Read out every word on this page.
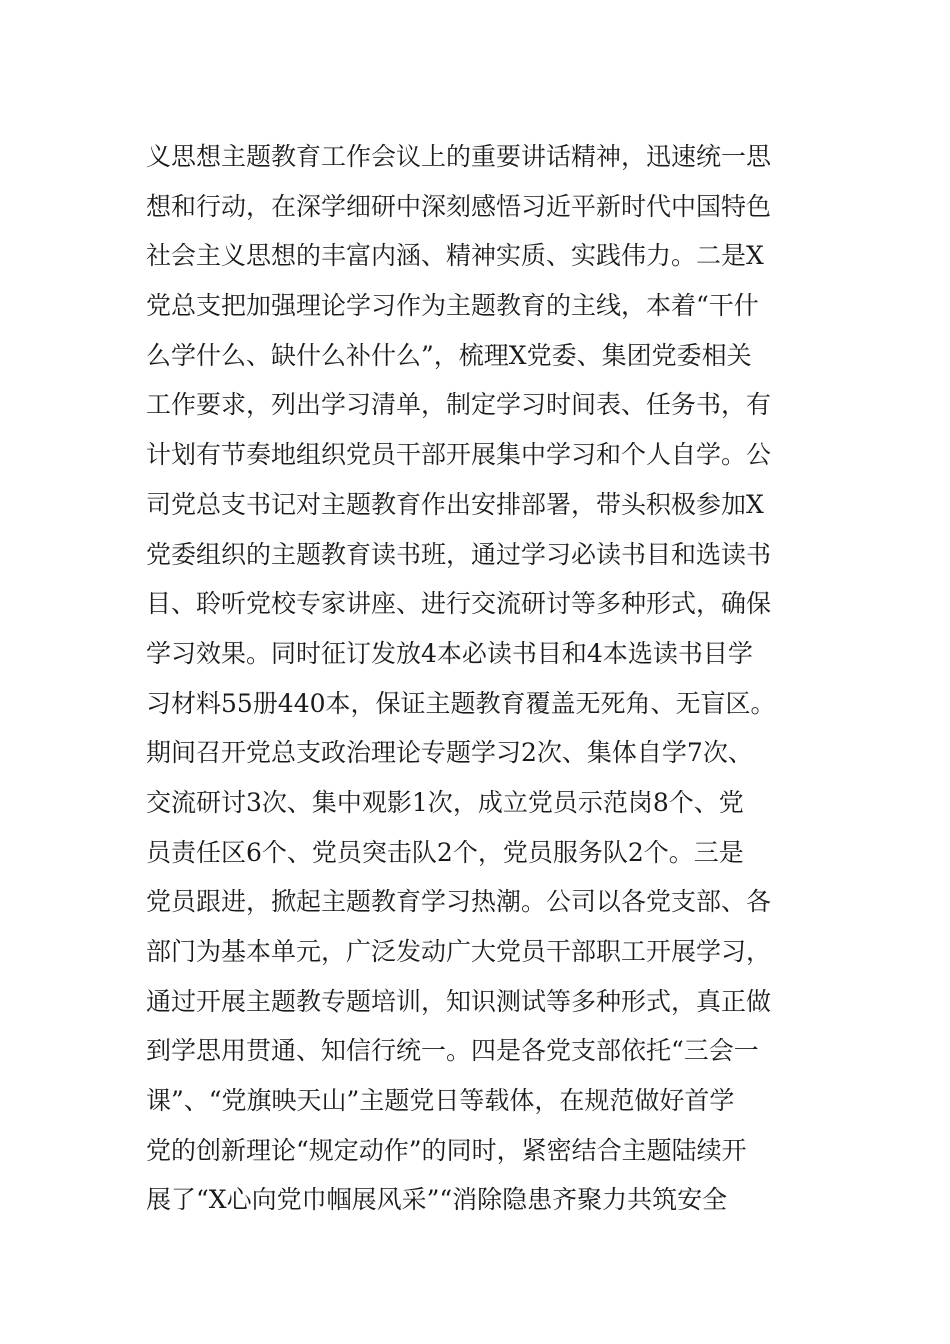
义思想主题教育工作会议上的重要讲话精神，迅速统一思
想和行动，在深学细研中深刻感悟习近平新时代中国特色
社会主义思想的丰富内涵、精神实质、实践伟力。二是X
党总支把加强理论学习作为主题教育的主线，本着“干什
么学什么、缺什么补什么”，梳理X党委、集团党委相关
工作要求，列出学习清单，制定学习时间表、任务书，有
计划有节奏地组织党员干部开展集中学习和个人自学。公
司党总支书记对主题教育作出安排部署，带头积极参加X
党委组织的主题教育读书班，通过学习必读书目和选读书
目、聆听党校专家讲座、进行交流研讨等多种形式，确保
学习效果。同时征订发放4本必读书目和4本选读书目学
习材料55册440本，保证主题教育覆盖无死角、无盲区。
期间召开党总支政治理论专题学习2次、集体自学7次、
交流研讨3次、集中观影1次，成立党员示范岗8个、党
员责任区6个、党员突击队2个，党员服务队2个。三是
党员跟进，掀起主题教育学习热潮。公司以各党支部、各
部门为基本单元，广泛发动广大党员干部职工开展学习，
通过开展主题教专题培训，知识测试等多种形式，真正做
到学思用贯通、知信行统一。四是各党支部依托“三会一
课”、“党旗映天山”主题党日等载体，在规范做好首学
党的创新理论“规定动作”的同时，紧密结合主题陆续开
展了“X心向党巾帼展风采”“消除隐患齐聚力共筑安全
